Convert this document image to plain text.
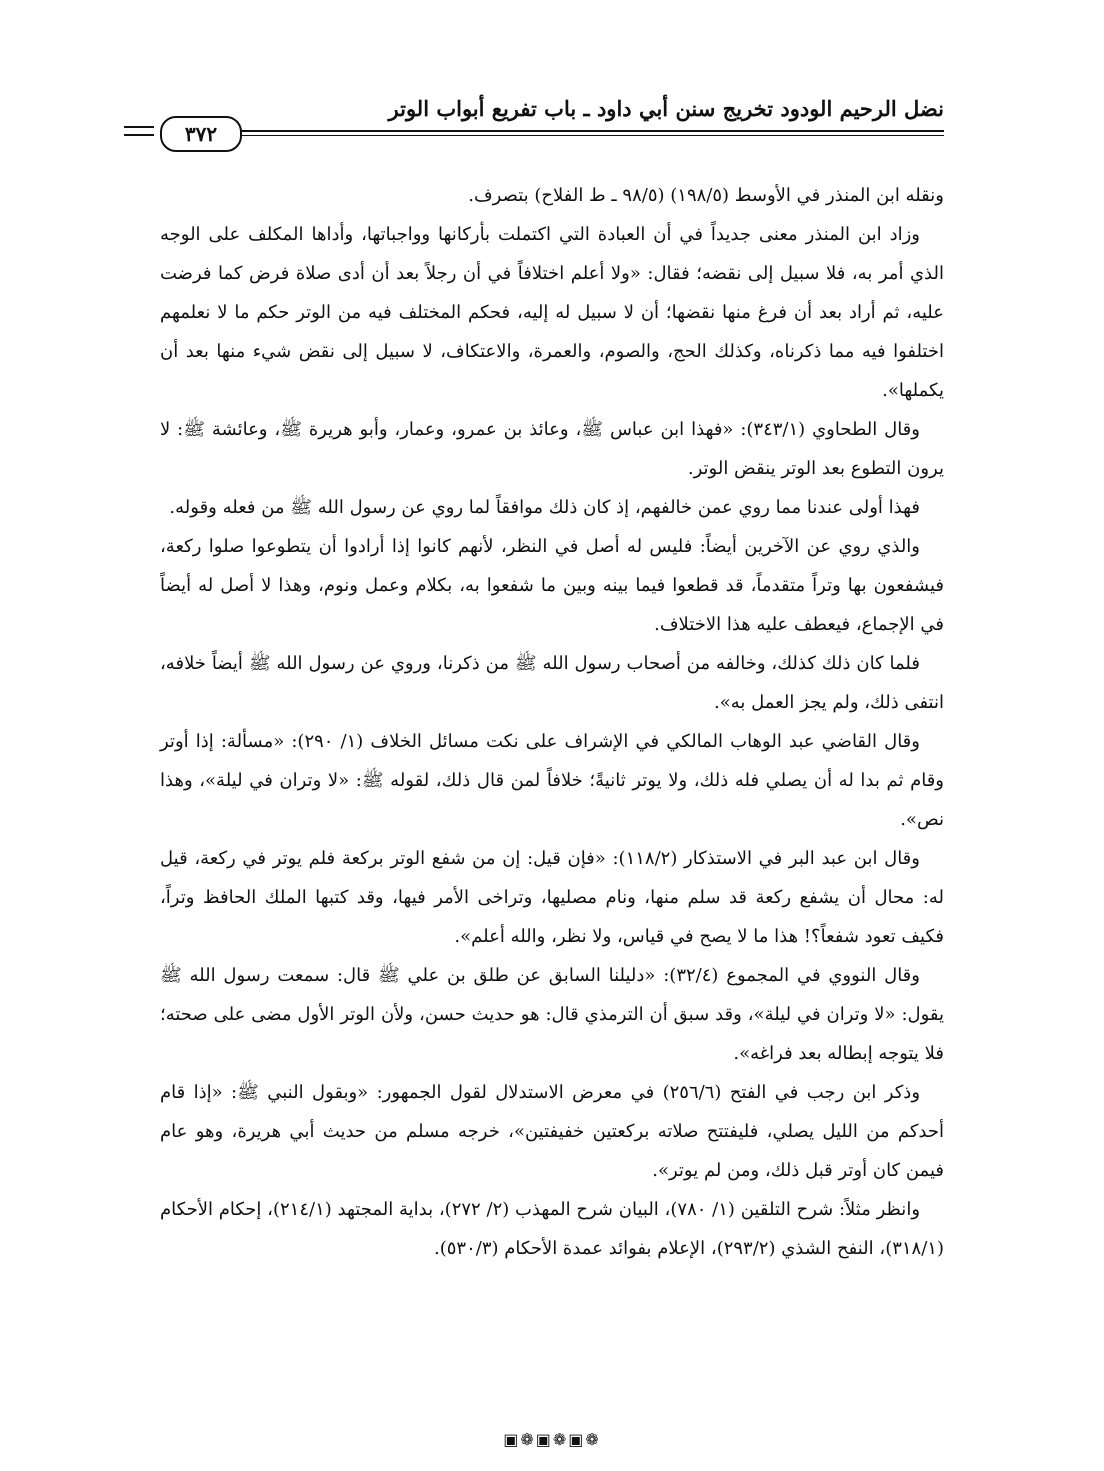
نضل الرحيم الودود تخريج سنن أبي داود ـ باب تفريع أبواب الوتر
٣٧٢

ونقله ابن المنذر في الأوسط (١٩٨/٥) (٩٨/٥ ـ ط الفلاح) بتصرف.

وزاد ابن المنذر معنى جديداً في أن العبادة التي اكتملت بأركانها وواجباتها، وأداها المكلف على الوجه الذي أمر به، فلا سبيل إلى نقضه؛ فقال: «ولا أعلم اختلافاً في أن رجلاً بعد أن أدى صلاة فرض كما فرضت عليه، ثم أراد بعد أن فرغ منها نقضها؛ أن لا سبيل له إليه، فحكم المختلف فيه من الوتر حكم ما لا نعلمهم اختلفوا فيه مما ذكرناه، وكذلك الحج، والصوم، والعمرة، والاعتكاف، لا سبيل إلى نقض شيء منها بعد أن يكملها».

وقال الطحاوي (٣٤٣/١): «فهذا ابن عباس ﷺ، وعائذ بن عمرو، وعمار، وأبو هريرة ﷺ، وعائشة ﷺ: لا يرون التطوع بعد الوتر ينقض الوتر.

فهذا أولى عندنا مما روي عمن خالفهم، إذ كان ذلك موافقاً لما روي عن رسول الله ﷺ من فعله وقوله.

والذي روي عن الآخرين أيضاً: فليس له أصل في النظر، لأنهم كانوا إذا أرادوا أن يتطوعوا صلوا ركعة، فيشفعون بها وتراً متقدماً، قد قطعوا فيما بينه وبين ما شفعوا به، بكلام وعمل ونوم، وهذا لا أصل له أيضاً في الإجماع، فيعطف عليه هذا الاختلاف.

فلما كان ذلك كذلك، وخالفه من أصحاب رسول الله ﷺ من ذكرنا، وروي عن رسول الله ﷺ أيضاً خلافه، انتفى ذلك، ولم يجز العمل به».

وقال القاضي عبد الوهاب المالكي في الإشراف على نكت مسائل الخلاف (١/ ٢٩٠): «مسألة: إذا أوتر وقام ثم بدا له أن يصلي فله ذلك، ولا يوتر ثانيةً؛ خلافاً لمن قال ذلك، لقوله ﷺ: «لا وتران في ليلة»، وهذا نص».

وقال ابن عبد البر في الاستذكار (١١٨/٢): «فإن قيل: إن من شفع الوتر بركعة فلم يوتر في ركعة، قيل له: محال أن يشفع ركعة قد سلم منها، ونام مصليها، وتراخى الأمر فيها، وقد كتبها الملك الحافظ وتراً، فكيف تعود شفعاً؟! هذا ما لا يصح في قياس، ولا نظر، والله أعلم».

وقال النووي في المجموع (٣٢/٤): «دليلنا السابق عن طلق بن علي ﷺ قال: سمعت رسول الله ﷺ يقول: «لا وتران في ليلة»، وقد سبق أن الترمذي قال: هو حديث حسن، ولأن الوتر الأول مضى على صحته؛ فلا يتوجه إبطاله بعد فراغه».

وذكر ابن رجب في الفتح (٢٥٦/٦) في معرض الاستدلال لقول الجمهور: «وبقول النبي ﷺ: «إذا قام أحدكم من الليل يصلي، فليفتتح صلاته بركعتين خفيفتين»، خرجه مسلم من حديث أبي هريرة، وهو عام فيمن كان أوتر قبل ذلك، ومن لم يوتر».

وانظر مثلاً: شرح التلقين (١/ ٧٨٠)، البيان شرح المهذب (٢/ ٢٧٢)، بداية المجتهد (٢١٤/١)، إحكام الأحكام (٣١٨/١)، النفح الشذي (٢٩٣/٢)، الإعلام بفوائد عمدة الأحكام (٥٣٠/٣).

❁▣❁▣❁▣
